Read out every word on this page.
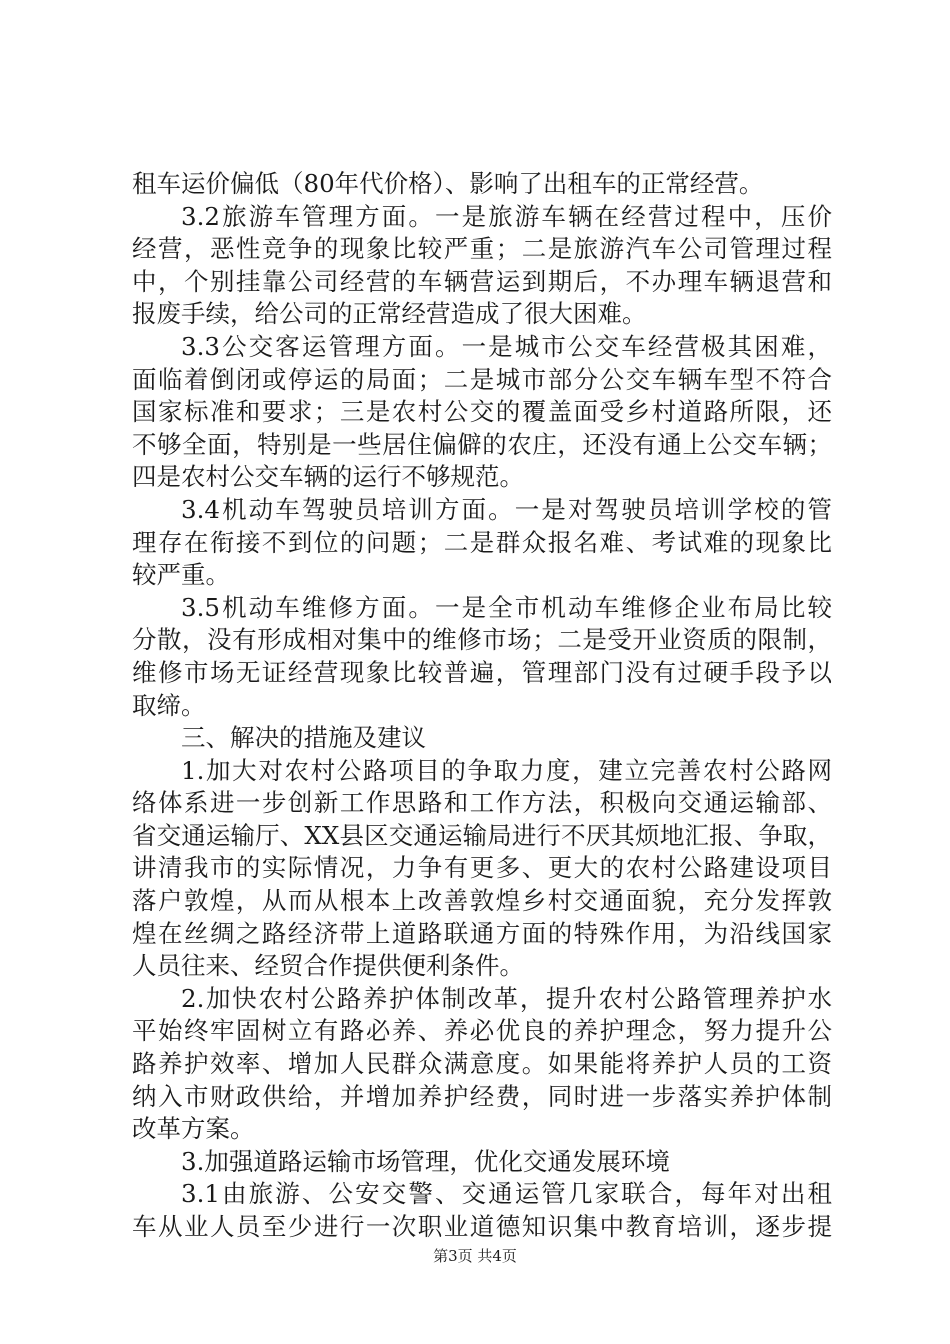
租车运价偏低（80年代价格）、影响了出租车的正常经营。
3.2旅游车管理方面。一是旅游车辆在经营过程中，压价
经营，恶性竞争的现象比较严重；二是旅游汽车公司管理过程
中，个别挂靠公司经营的车辆营运到期后，不办理车辆退营和
报废手续，给公司的正常经营造成了很大困难。
3.3公交客运管理方面。一是城市公交车经营极其困难，
面临着倒闭或停运的局面；二是城市部分公交车辆车型不符合
国家标准和要求；三是农村公交的覆盖面受乡村道路所限，还
不够全面，特别是一些居住偏僻的农庄，还没有通上公交车辆；
四是农村公交车辆的运行不够规范。
3.4机动车驾驶员培训方面。一是对驾驶员培训学校的管
理存在衔接不到位的问题；二是群众报名难、考试难的现象比
较严重。
3.5机动车维修方面。一是全市机动车维修企业布局比较
分散，没有形成相对集中的维修市场；二是受开业资质的限制，
维修市场无证经营现象比较普遍，管理部门没有过硬手段予以
取缔。
三、解决的措施及建议
1.加大对农村公路项目的争取力度，建立完善农村公路网
络体系进一步创新工作思路和工作方法，积极向交通运输部、
省交通运输厅、XX县区交通运输局进行不厌其烦地汇报、争取，
讲清我市的实际情况，力争有更多、更大的农村公路建设项目
落户敦煌，从而从根本上改善敦煌乡村交通面貌，充分发挥敦
煌在丝绸之路经济带上道路联通方面的特殊作用，为沿线国家
人员往来、经贸合作提供便利条件。
2.加快农村公路养护体制改革，提升农村公路管理养护水
平始终牢固树立有路必养、养必优良的养护理念，努力提升公
路养护效率、增加人民群众满意度。如果能将养护人员的工资
纳入市财政供给，并增加养护经费，同时进一步落实养护体制
改革方案。
3.加强道路运输市场管理，优化交通发展环境
3.1由旅游、公安交警、交通运管几家联合，每年对出租
车从业人员至少进行一次职业道德知识集中教育培训，逐步提
第3页 共4页
